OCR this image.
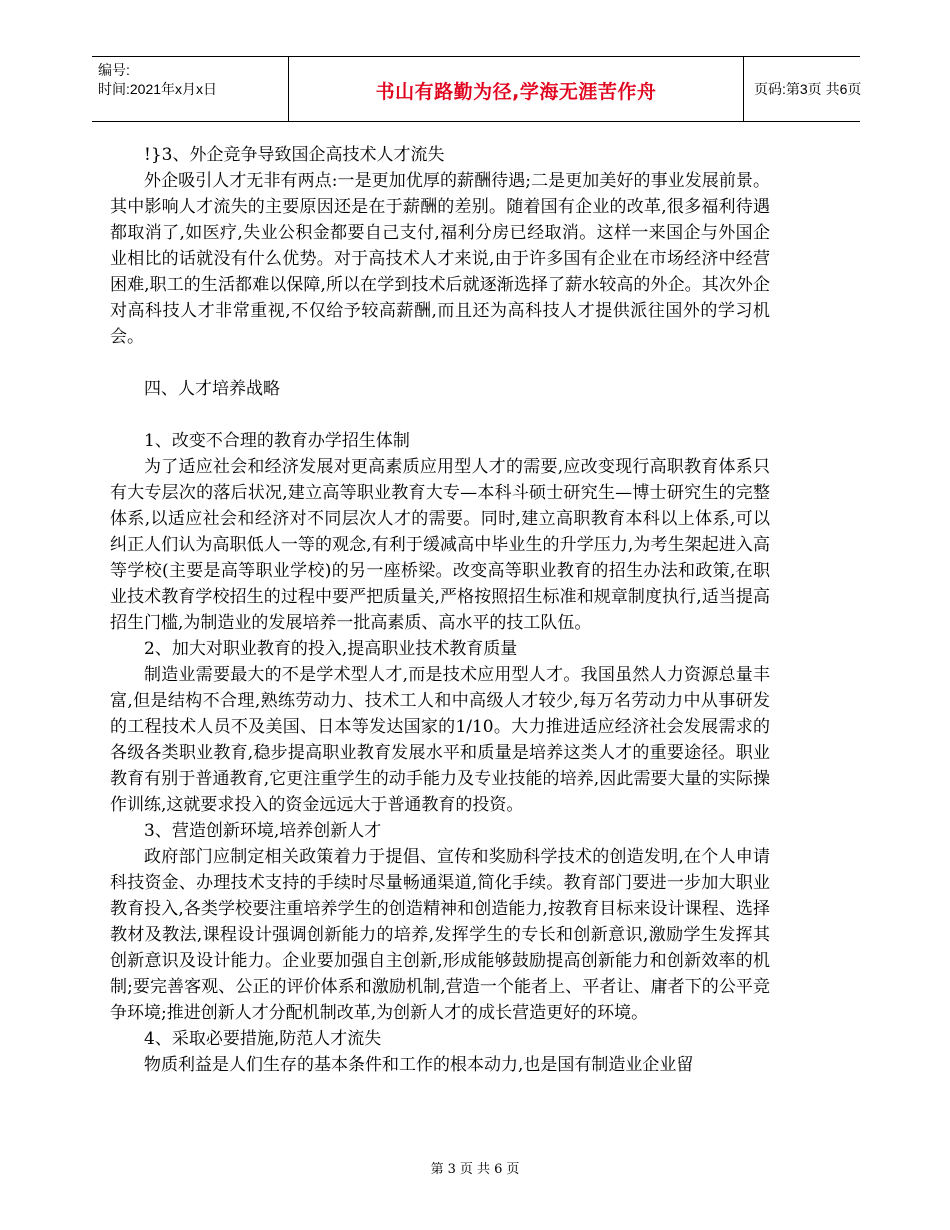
编号:
时间:2021年x月x日	书山有路勤为径,学海无涯苦作舟	页码:第3页 共6页
!}3、外企竞争导致国企高技术人才流失
外企吸引人才无非有两点:一是更加优厚的薪酬待遇;二是更加美好的事业发展前景。其中影响人才流失的主要原因还是在于薪酬的差别。随着国有企业的改革,很多福利待遇都取消了,如医疗,失业公积金都要自己支付,福利分房已经取消。这样一来国企与外国企业相比的话就没有什么优势。对于高技术人才来说,由于许多国有企业在市场经济中经营困难,职工的生活都难以保障,所以在学到技术后就逐渐选择了薪水较高的外企。其次外企对高科技人才非常重视,不仅给予较高薪酬,而且还为高科技人才提供派往国外的学习机会。
四、人才培养战略
1、改变不合理的教育办学招生体制
为了适应社会和经济发展对更高素质应用型人才的需要,应改变现行高职教育体系只有大专层次的落后状况,建立高等职业教育大专—本科斗硕士研究生—博士研究生的完整体系,以适应社会和经济对不同层次人才的需要。同时,建立高职教育本科以上体系,可以纠正人们认为高职低人一等的观念,有利于缓减高中毕业生的升学压力,为考生架起进入高等学校(主要是高等职业学校)的另一座桥梁。改变高等职业教育的招生办法和政策,在职业技术教育学校招生的过程中要严把质量关,严格按照招生标准和规章制度执行,适当提高招生门槛,为制造业的发展培养一批高素质、高水平的技工队伍。
2、加大对职业教育的投入,提高职业技术教育质量
制造业需要最大的不是学术型人才,而是技术应用型人才。我国虽然人力资源总量丰富,但是结构不合理,熟练劳动力、技术工人和中高级人才较少,每万名劳动力中从事研发的工程技术人员不及美国、日本等发达国家的1/10。大力推进适应经济社会发展需求的各级各类职业教育,稳步提高职业教育发展水平和质量是培养这类人才的重要途径。职业教育有别于普通教育,它更注重学生的动手能力及专业技能的培养,因此需要大量的实际操作训练,这就要求投入的资金远远大于普通教育的投资。
3、营造创新环境,培养创新人才
政府部门应制定相关政策着力于提倡、宣传和奖励科学技术的创造发明,在个人申请科技资金、办理技术支持的手续时尽量畅通渠道,简化手续。教育部门要进一步加大职业教育投入,各类学校要注重培养学生的创造精神和创造能力,按教育目标来设计课程、选择教材及教法,课程设计强调创新能力的培养,发挥学生的专长和创新意识,激励学生发挥其创新意识及设计能力。企业要加强自主创新,形成能够鼓励提高创新能力和创新效率的机制;要完善客观、公正的评价体系和激励机制,营造一个能者上、平者让、庸者下的公平竞争环境;推进创新人才分配机制改革,为创新人才的成长营造更好的环境。
4、采取必要措施,防范人才流失
物质利益是人们生存的基本条件和工作的根本动力,也是国有制造业企业留
第 3 页 共 6 页
